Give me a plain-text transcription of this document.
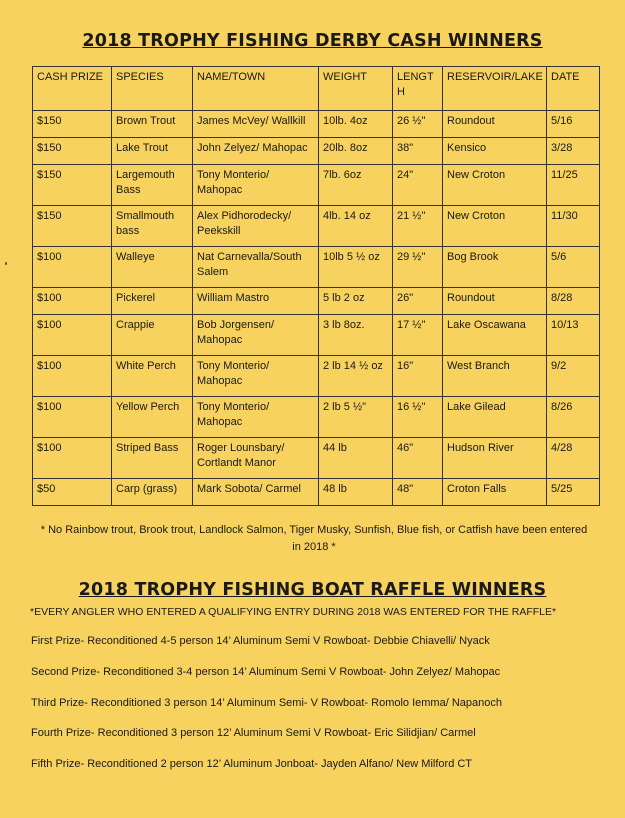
2018 TROPHY FISHING DERBY CASH WINNERS
CASH PRIZE	SPECIES	NAME/TOWN	WEIGHT	LENGT H	RESERVOIR/LAKE	DATE
$150	Brown Trout	James McVey/ Wallkill	10lb. 4oz	26 ½"	Roundout	5/16
$150	Lake Trout	John Zelyez/ Mahopac	20lb. 8oz	38"	Kensico	3/28
$150	Largemouth Bass	Tony Monterio/ Mahopac	7lb. 6oz	24"	New Croton	11/25
$150	Smallmouth bass	Alex Pidhorodecky/ Peekskill	4lb. 14 oz	21 ½"	New Croton	11/30
$100	Walleye	Nat Carnevalla/South Salem	10lb 5 ½ oz	29 ½"	Bog Brook	5/6
$100	Pickerel	William Mastro	5 lb 2 oz	26"	Roundout	8/28
$100	Crappie	Bob Jorgensen/ Mahopac	3 lb 8oz.	17 ½"	Lake Oscawana	10/13
$100	White Perch	Tony Monterio/ Mahopac	2 lb 14 ½ oz	16"	West Branch	9/2
$100	Yellow Perch	Tony Monterio/ Mahopac	2 lb 5 ½"	16 ½"	Lake Gilead	8/26
$100	Striped Bass	Roger Lounsbary/ Cortlandt Manor	44 lb	46"	Hudson River	4/28
$50	Carp (grass)	Mark Sobota/ Carmel	48 lb	48"	Croton Falls	5/25
* No Rainbow trout, Brook trout, Landlock Salmon, Tiger Musky, Sunfish, Blue fish, or Catfish have been entered in 2018 *
2018 TROPHY FISHING BOAT RAFFLE WINNERS
*EVERY ANGLER WHO ENTERED A QUALIFYING ENTRY DURING 2018 WAS ENTERED FOR THE RAFFLE*
First Prize- Reconditioned 4-5 person 14’ Aluminum Semi V Rowboat- Debbie Chiavelli/ Nyack
Second Prize- Reconditioned 3-4 person 14’ Aluminum Semi V Rowboat- John Zelyez/ Mahopac
Third Prize- Reconditioned 3 person 14’ Aluminum Semi- V Rowboat- Romolo Iemma/ Napanoch
Fourth Prize- Reconditioned 3 person 12’ Aluminum Semi V Rowboat- Eric Silidjian/ Carmel
Fifth Prize- Reconditioned 2 person 12’ Aluminum Jonboat- Jayden Alfano/ New Milford CT
